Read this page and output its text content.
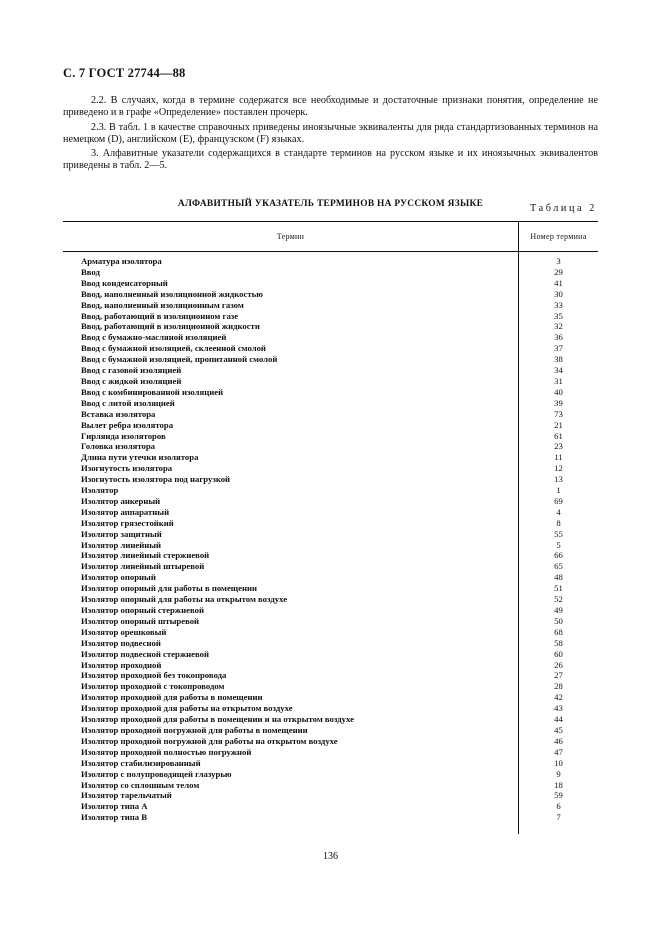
С. 7 ГОСТ 27744—88
2.2. В случаях, когда в термине содержатся все необходимые и достаточные признаки понятия, определение не приведено и в графе «Определение» поставлен прочерк.
2.3. В табл. 1 в качестве справочных приведены иноязычные эквиваленты для ряда стандартизованных терминов на немецком (D), английском (E), французском (F) языках.
3. Алфавитные указатели содержащихся в стандарте терминов на русском языке и их иноязычных эквивалентов приведены в табл. 2—5.
Таблица 2
АЛФАВИТНЫЙ УКАЗАТЕЛЬ ТЕРМИНОВ НА РУССКОМ ЯЗЫКЕ
Термин	Номер термина
Арматура изолятора	3
Ввод	29
Ввод конденсаторный	41
Ввод, наполненный изоляционной жидкостью	30
Ввод, наполненный изоляционным газом	33
Ввод, работающий в изоляционном газе	35
Ввод, работающий в изоляционной жидкости	32
Ввод с бумажно-масляной изоляцией	36
Ввод с бумажной изоляцией, склеенной смолой	37
Ввод с бумажной изоляцией, пропитанной смолой	38
Ввод с газовой изоляцией	34
Ввод с жидкой изоляцией	31
Ввод с комбинированной изоляцией	40
Ввод с литой изоляцией	39
Вставка изолятора	73
Вылет ребра изолятора	21
Гирлянда изоляторов	61
Головка изолятора	23
Длина пути утечки изолятора	11
Изогнутость изолятора	12
Изогнутость изолятора под нагрузкой	13
Изолятор	1
Изолятор анкерный	69
Изолятор аппаратный	4
Изолятор грязестойкий	8
Изолятор защитный	55
Изолятор линейный	5
Изолятор линейный стержневой	66
Изолятор линейный штыревой	65
Изолятор опорный	48
Изолятор опорный для работы в помещении	51
Изолятор опорный для работы на открытом воздухе	52
Изолятор опорный стержневой	49
Изолятор опорный штыревой	50
Изолятор орешковый	68
Изолятор подвесной	58
Изолятор подвесной стержневой	60
Изолятор проходной	26
Изолятор проходной без токопровода	27
Изолятор проходной с токопроводом	28
Изолятор проходной для работы в помещении	42
Изолятор проходной для работы на открытом воздухе	43
Изолятор проходной для работы в помещении и на открытом воздухе	44
Изолятор проходной погружной для работы в помещении	45
Изолятор проходной погружной для работы на открытом воздухе	46
Изолятор проходной полностью погружной	47
Изолятор стабилизированный	10
Изолятор с полупроводящей глазурью	9
Изолятор со сплошным телом	18
Изолятор тарельчатый	59
Изолятор типа А	6
Изолятор типа В	7
136
